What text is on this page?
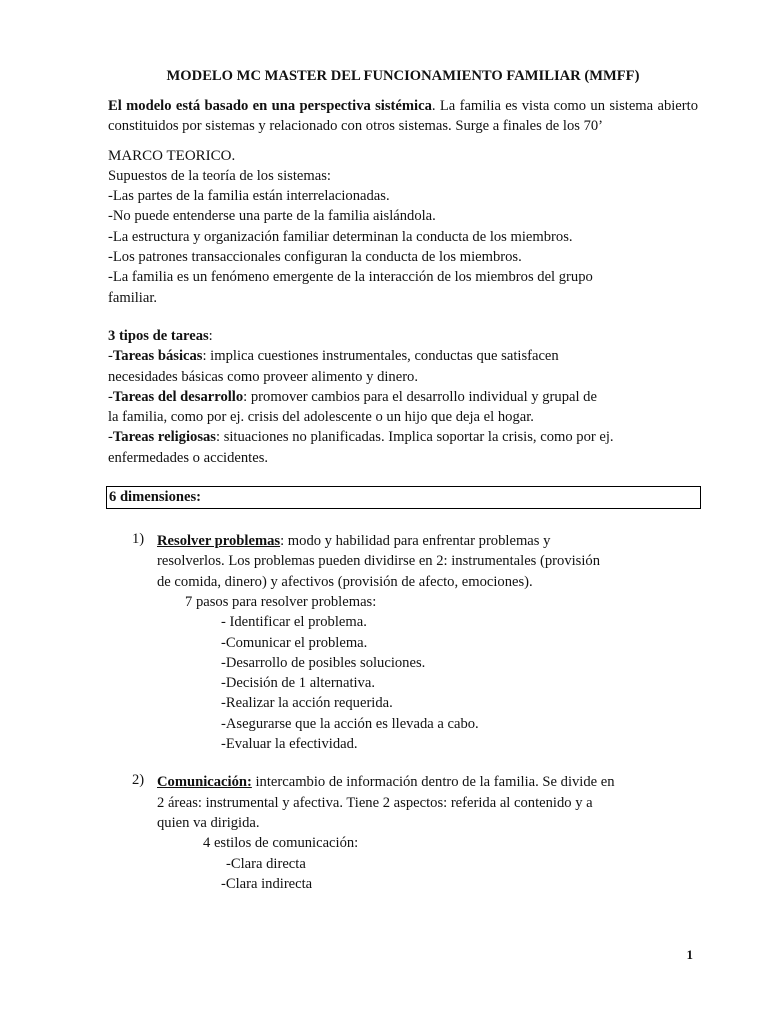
MODELO MC MASTER DEL FUNCIONAMIENTO FAMILIAR (MMFF)
El modelo está basado en una perspectiva sistémica. La familia es vista como un sistema abierto constituidos por sistemas y relacionado con otros sistemas. Surge a finales de los 70’
MARCO TEORICO.
Supuestos de la teoría de los sistemas:
-Las partes de la familia están interrelacionadas.
-No puede entenderse una parte de la familia aislándola.
-La estructura y organización familiar determinan la conducta de los miembros.
-Los patrones transaccionales configuran la conducta de los miembros.
-La familia es un fenómeno emergente de la interacción de los miembros del grupo
familiar.
3 tipos de tareas:
-Tareas básicas: implica cuestiones instrumentales, conductas que satisfacen
necesidades básicas como proveer alimento y dinero.
-Tareas del desarrollo: promover cambios para el desarrollo individual y grupal de
la familia, como por ej. crisis del adolescente o un hijo que deja el hogar.
-Tareas religiosas: situaciones no planificadas. Implica soportar la crisis, como por ej.
enfermedades o accidentes.
6 dimensiones:
1) Resolver problemas: modo y habilidad para enfrentar problemas y
resolverlos. Los problemas pueden dividirse en 2: instrumentales (provisión
de comida, dinero) y afectivos (provisión de afecto, emociones).
7 pasos para resolver problemas:
- Identificar el problema.
-Comunicar el problema.
-Desarrollo de posibles soluciones.
-Decisión de 1 alternativa.
-Realizar la acción requerida.
-Asegurarse que la acción es llevada a cabo.
-Evaluar la efectividad.
2) Comunicación: intercambio de información dentro de la familia. Se divide en
2 áreas: instrumental y afectiva. Tiene 2 aspectos: referida al contenido y a
quien va dirigida.
4 estilos de comunicación:
-Clara directa
-Clara indirecta
1
